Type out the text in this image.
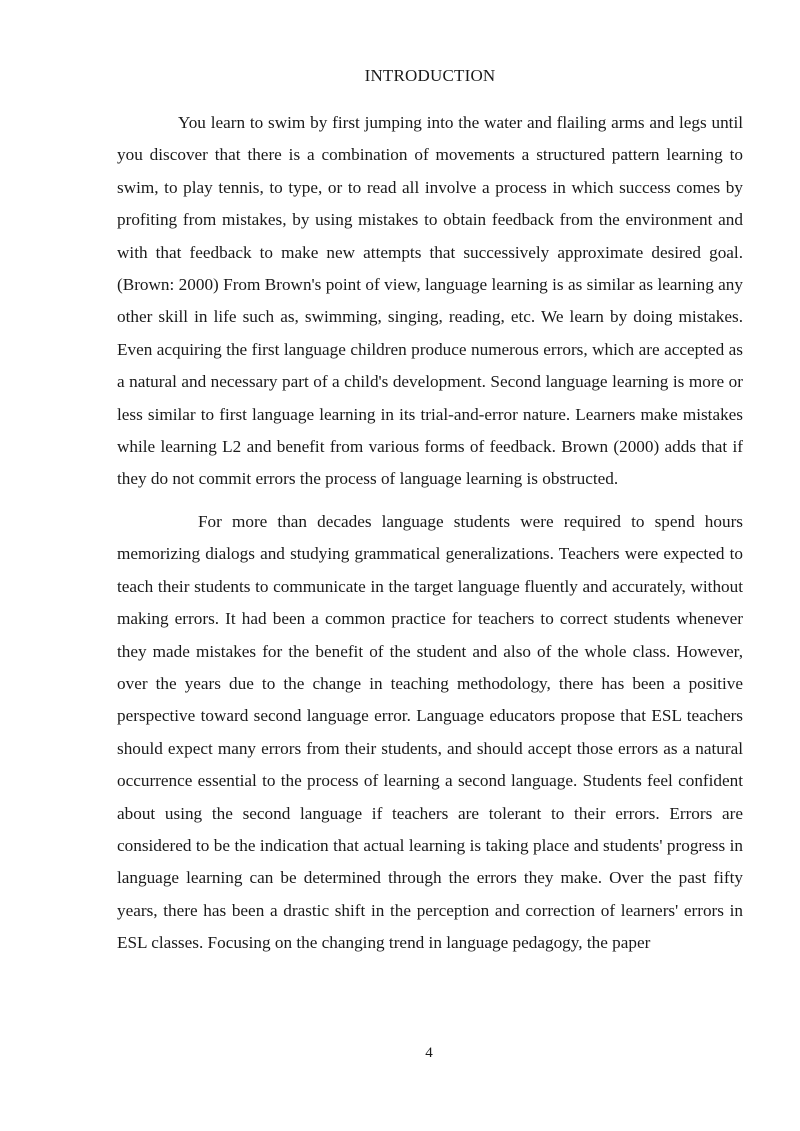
INTRODUCTION

You learn to swim by first jumping into the water and flailing arms and legs until you discover that there is a combination of movements a structured pattern learning to swim, to play tennis, to type, or to read all involve a process in which success comes by profiting from mistakes, by using mistakes to obtain feedback from the environment and with that feedback to make new attempts that successively approximate desired goal. (Brown: 2000) From Brown's point of view, language learning is as similar as learning any other skill in life such as, swimming, singing, reading, etc. We learn by doing mistakes. Even acquiring the first language children produce numerous errors, which are accepted as a natural and necessary part of a child's development. Second language learning is more or less similar to first language learning in its trial-and-error nature. Learners make mistakes while learning L2 and benefit from various forms of feedback. Brown (2000) adds that if they do not commit errors the process of language learning is obstructed.

For more than decades language students were required to spend hours memorizing dialogs and studying grammatical generalizations. Teachers were expected to teach their students to communicate in the target language fluently and accurately, without making errors. It had been a common practice for teachers to correct students whenever they made mistakes for the benefit of the student and also of the whole class. However, over the years due to the change in teaching methodology, there has been a positive perspective toward second language error. Language educators propose that ESL teachers should expect many errors from their students, and should accept those errors as a natural occurrence essential to the process of learning a second language. Students feel confident about using the second language if teachers are tolerant to their errors. Errors are considered to be the indication that actual learning is taking place and students' progress in language learning can be determined through the errors they make. Over the past fifty years, there has been a drastic shift in the perception and correction of learners' errors in ESL classes. Focusing on the changing trend in language pedagogy, the paper

4
